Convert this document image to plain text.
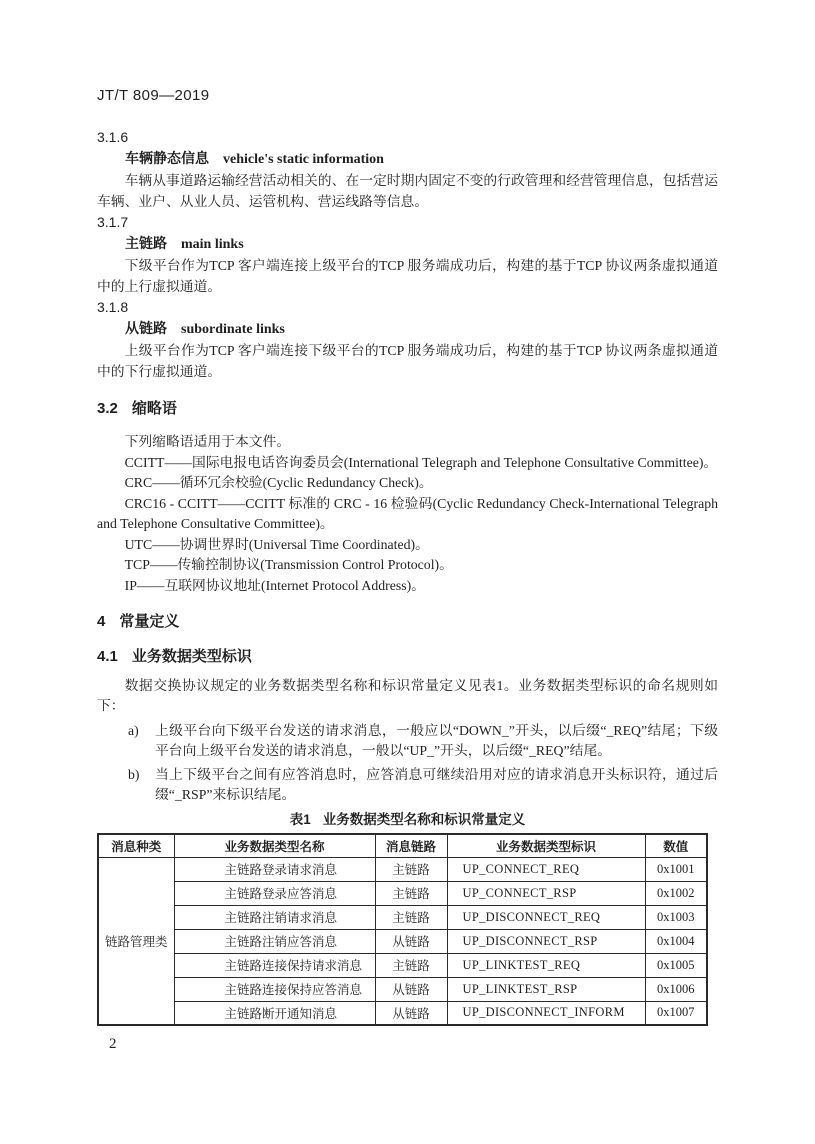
JT/T 809—2019
3.1.6
车辆静态信息 vehicle's static information

车辆从事道路运输经营活动相关的、在一定时期内固定不变的行政管理和经营管理信息，包括营运车辆、业户、从业人员、运管机构、营运线路等信息。

3.1.7
主链路 main links

下级平台作为TCP 客户端连接上级平台的TCP 服务端成功后，构建的基于TCP 协议两条虚拟通道中的上行虚拟通道。

3.1.8
从链路 subordinate links

上级平台作为TCP 客户端连接下级平台的TCP 服务端成功后，构建的基于TCP 协议两条虚拟通道中的下行虚拟通道。

3.2 缩略语

下列缩略语适用于本文件。

CCITT——国际电报电话咨询委员会(International Telegraph and Telephone Consultative Committee)。

CRC——循环冗余校验(Cyclic Redundancy Check)。

CRC16 - CCITT——CCITT 标准的 CRC - 16 检验码(Cyclic Redundancy Check-International Telegraph and Telephone Consultative Committee)。

UTC——协调世界时(Universal Time Coordinated)。

TCP——传输控制协议(Transmission Control Protocol)。

IP——互联网协议地址(Internet Protocol Address)。

4 常量定义
4.1 业务数据类型标识

数据交换协议规定的业务数据类型名称和标识常量定义见表1。业务数据类型标识的命名规则如下：

a) 上级平台向下级平台发送的请求消息，一般应以“DOWN_”开头，以后缀“_REQ”结尾；下级平台向上级平台发送的请求消息，一般以“UP_”开头，以后缀“_REQ”结尾。
b) 当上下级平台之间有应答消息时，应答消息可继续沿用对应的请求消息开头标识符，通过后缀“_RSP”来标识结尾。
表1 业务数据类型名称和标识常量定义
消息种类	业务数据类型名称	消息链路	业务数据类型标识	数值
链路管理类	主链路登录请求消息	主链路	UP_CONNECT_REQ	0x1001
	主链路登录应答消息	主链路	UP_CONNECT_RSP	0x1002
	主链路注销请求消息	主链路	UP_DISCONNECT_REQ	0x1003
	主链路注销应答消息	从链路	UP_DISCONNECT_RSP	0x1004
	主链路连接保持请求消息	主链路	UP_LINKTEST_REQ	0x1005
	主链路连接保持应答消息	从链路	UP_LINKTEST_RSP	0x1006
	主链路断开通知消息	从链路	UP_DISCONNECT_INFORM	0x1007
2
